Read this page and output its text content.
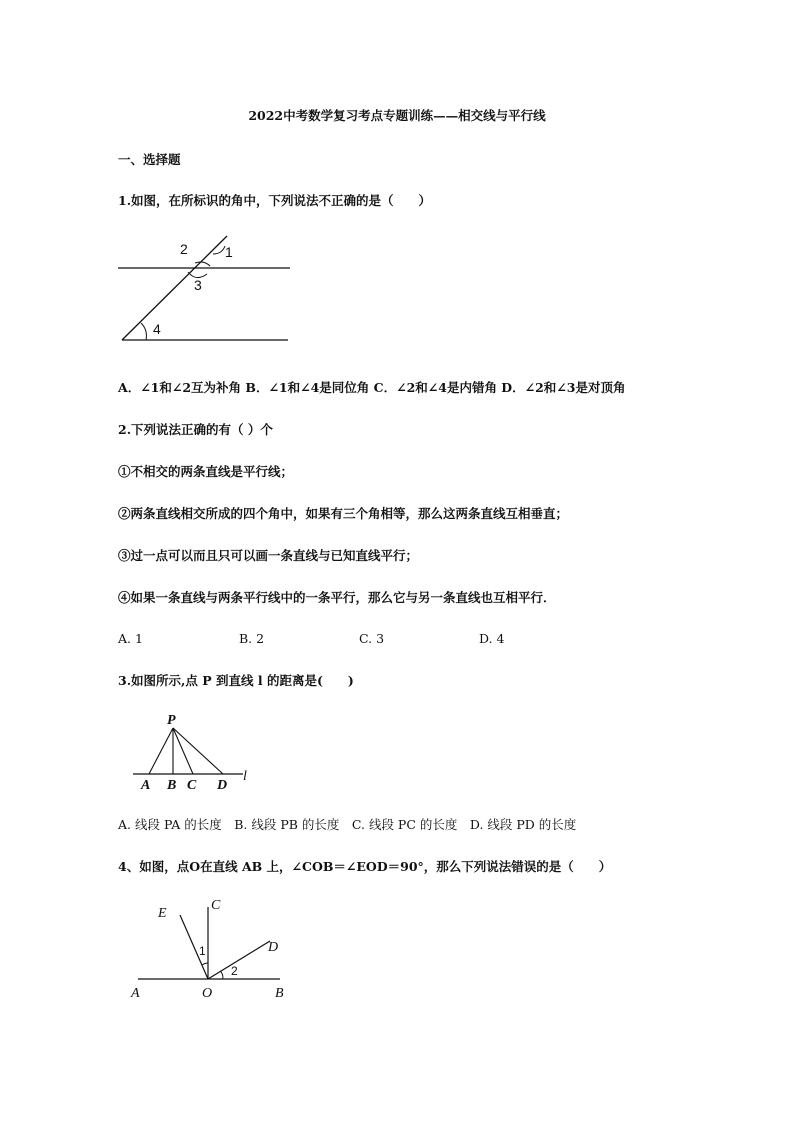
2022中考数学复习考点专题训练——相交线与平行线

一、选择题

1.如图，在所标识的角中，下列说法不正确的是（　　）

2	1
3
4

A．∠1和∠2互为补角 B．∠1和∠4是同位角 C．∠2和∠4是内错角 D．∠2和∠3是对顶角

2.下列说法正确的有（ ）个

①不相交的两条直线是平行线；

②两条直线相交所成的四个角中，如果有三个角相等，那么这两条直线互相垂直；

③过一点可以而且只可以画一条直线与已知直线平行；

④如果一条直线与两条平行线中的一条平行，那么它与另一条直线也互相平行．

A. 1	B. 2	C. 3	D. 4

3.如图所示,点 P 到直线 l 的距离是(　　)

P
A B C D
l

A. 线段 PA 的长度　B. 线段 PB 的长度　C. 线段 PC 的长度　D. 线段 PD 的长度

4、如图，点O在直线 AB 上，∠COB＝∠EOD＝90°，那么下列说法错误的是（　　）

E
C
D
A	O	B
1
2
